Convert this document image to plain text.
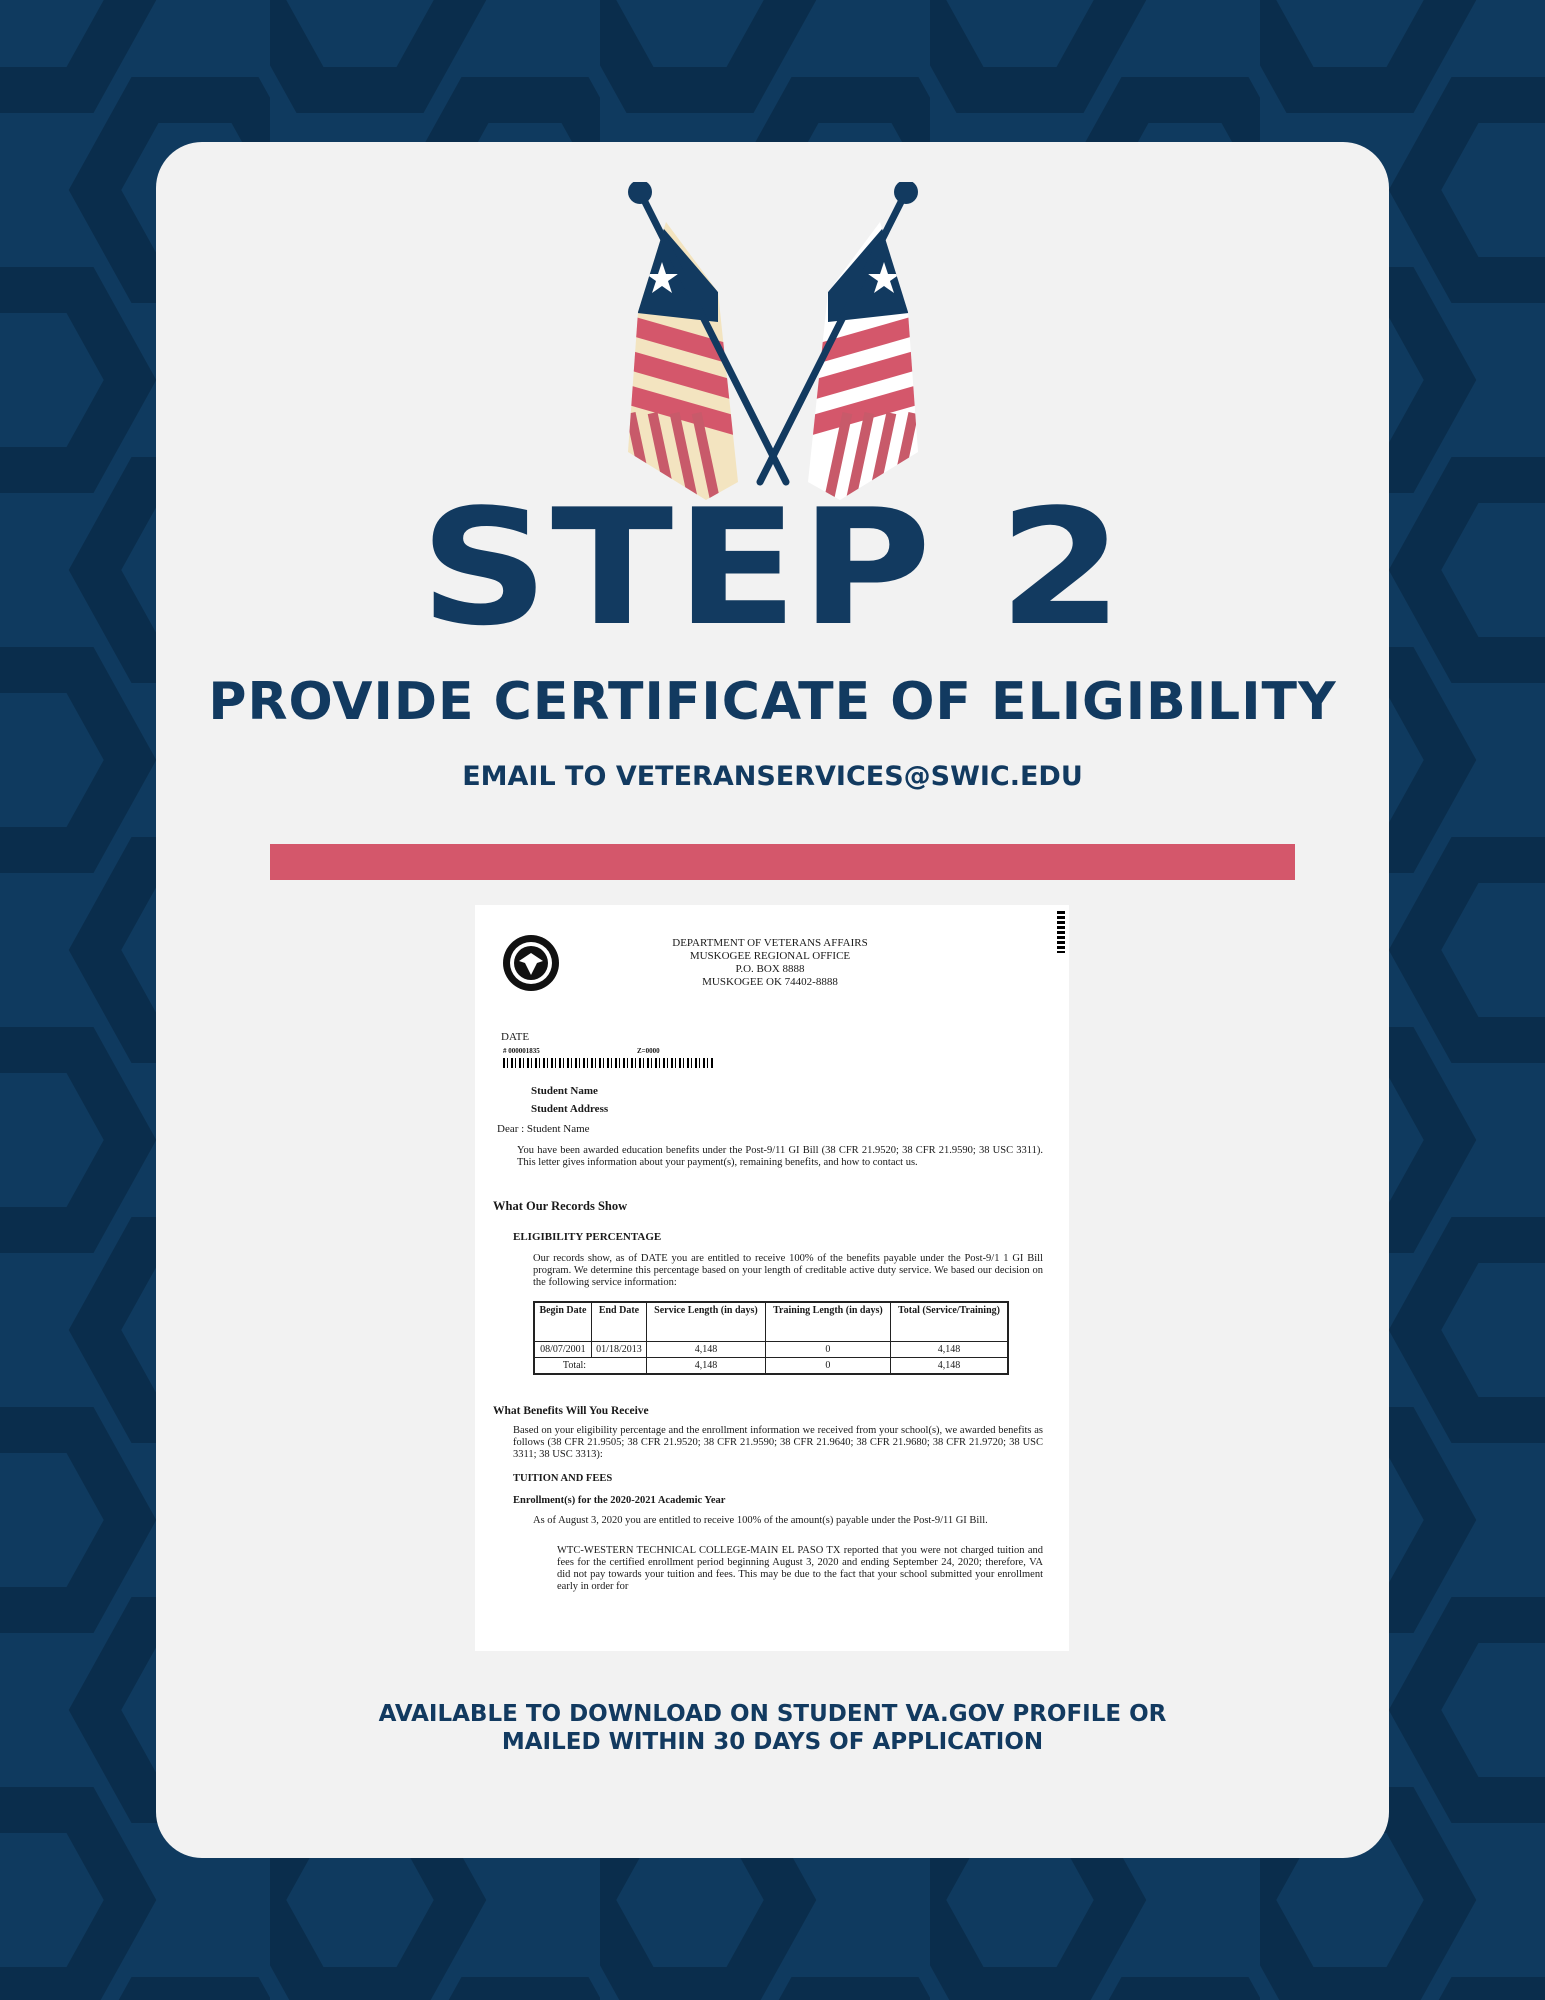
STEP 2
PROVIDE CERTIFICATE OF ELIGIBILITY
EMAIL TO VETERANSERVICES@SWIC.EDU
DEPARTMENT OF VETERANS AFFAIRS
MUSKOGEE REGIONAL OFFICE
P.O. BOX 8888
MUSKOGEE OK 74402-8888
DATE
# 000001835	Z=0000
Student Name
Student Address
Dear : Student Name
You have been awarded education benefits under the Post-9/11 GI Bill (38 CFR 21.9520; 38 CFR 21.9590; 38 USC 3311). This letter gives information about your payment(s), remaining benefits, and how to contact us.
What Our Records Show
ELIGIBILITY PERCENTAGE
Our records show, as of DATE you are entitled to receive 100% of the benefits payable under the Post-9/1 1 GI Bill program. We determine this percentage based on your length of creditable active duty service. We based our decision on the following service information:
Begin Date	End Date	Service Length (in days)	Training Length (in days)	Total (Service/Training)
08/07/2001	01/18/2013	4,148	0	4,148
Total:		4,148	0	4,148
What Benefits Will You Receive
Based on your eligibility percentage and the enrollment information we received from your school(s), we awarded benefits as follows (38 CFR 21.9505; 38 CFR 21.9520; 38 CFR 21.9590; 38 CFR 21.9640; 38 CFR 21.9680; 38 CFR 21.9720; 38 USC 3311; 38 USC 3313):
TUITION AND FEES
Enrollment(s) for the 2020-2021 Academic Year
As of August 3, 2020 you are entitled to receive 100% of the amount(s) payable under the Post-9/11 GI Bill.
WTC-WESTERN TECHNICAL COLLEGE-MAIN EL PASO TX reported that you were not charged tuition and fees for the certified enrollment period beginning August 3, 2020 and ending September 24, 2020; therefore, VA did not pay towards your tuition and fees. This may be due to the fact that your school submitted your enrollment early in order for
AVAILABLE TO DOWNLOAD ON STUDENT VA.GOV PROFILE OR
MAILED WITHIN 30 DAYS OF APPLICATION
